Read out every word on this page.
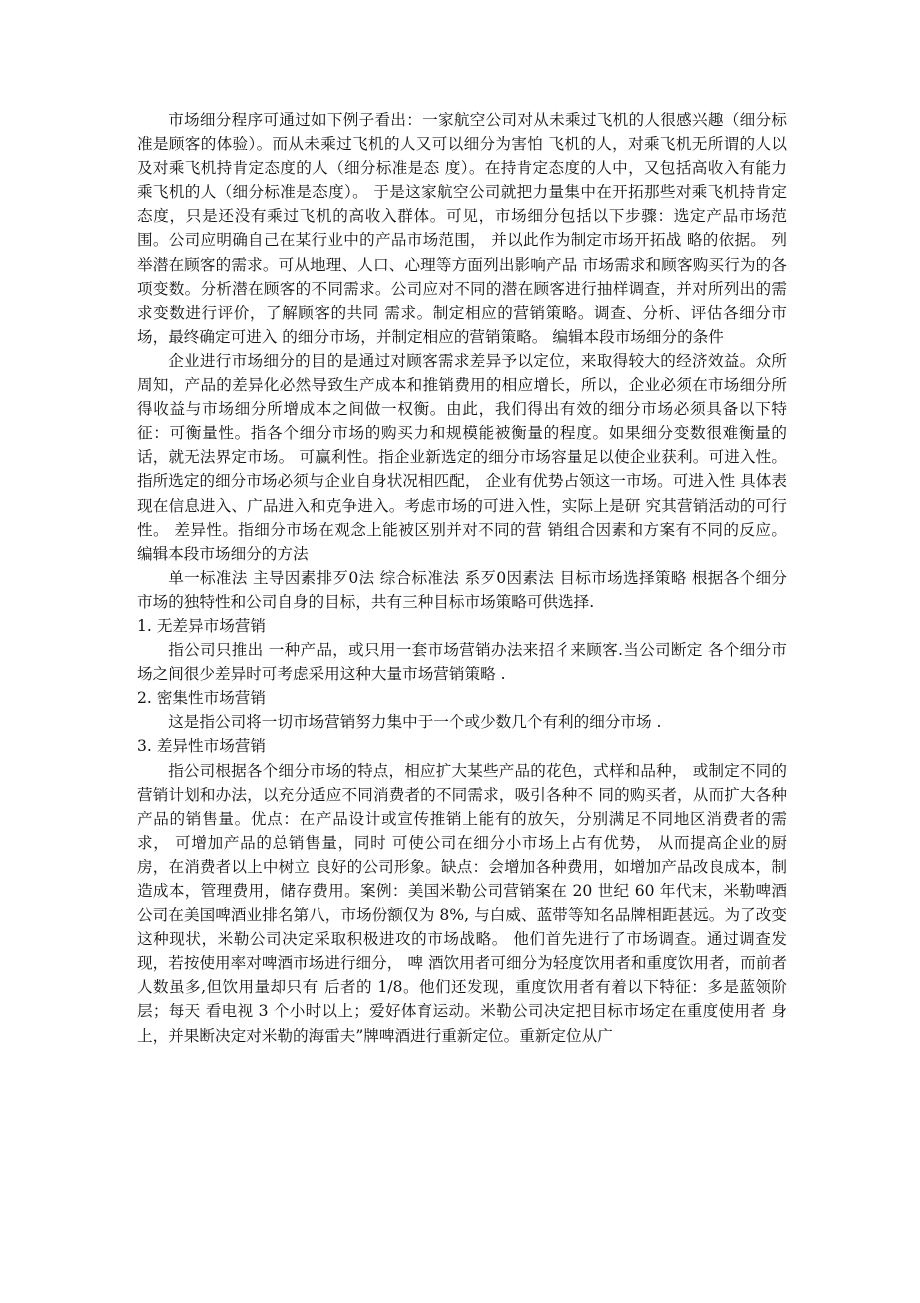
市场细分程序可通过如下例子看出：一家航空公司对从未乘过飞机的人很感兴趣（细分标准是顾客的体验）。而从未乘过飞机的人又可以细分为害怕 飞机的人，对乘飞机无所谓的人以及对乘飞机持肯定态度的人（细分标准是态 度）。在持肯定态度的人中，又包括高收入有能力乘飞机的人（细分标准是态度）。 于是这家航空公司就把力量集中在开拓那些对乘飞机持肯定态度，只是还没有乘过飞机的高收入群体。可见，市场细分包括以下步骤：选定产品市场范围。公司应明确自己在某行业中的产品市场范围， 并以此作为制定市场开拓战 略的依据。 列举潜在顾客的需求。可从地理、人口、心理等方面列出影响产品 市场需求和顾客购买行为的各项变数。分析潜在顾客的不同需求。公司应对不同的潜在顾客进行抽样调查，并对所列出的需求变数进行评价，了解顾客的共同 需求。制定相应的营销策略。调查、分析、评估各细分市场，最终确定可进入 的细分市场，并制定相应的营销策略。 编辑本段市场细分的条件

企业进行市场细分的目的是通过对顾客需求差异予以定位，来取得较大的经济效益。众所周知，产品的差异化必然导致生产成本和推销费用的相应增长，所以，企业必须在市场细分所得收益与市场细分所增成本之间做一权衡。由此，我们得出有效的细分市场必须具备以下特征：可衡量性。指各个细分市场的购买力和规模能被衡量的程度。如果细分变数很难衡量的话，就无法界定市场。 可赢利性。指企业新选定的细分市场容量足以使企业获利。可进入性。指所选定的细分市场必须与企业自身状况相匹配， 企业有优势占领这一市场。可进入性 具体表现在信息进入、广品进入和克争进入。考虑市场的可进入性，实际上是研 究其营销活动的可行性。 差异性。指细分市场在观念上能被区别并对不同的营 销组合因素和方案有不同的反应。 编辑本段市场细分的方法

单一标准法 主导因素排歹0法 综合标准法 系歹0因素法 目标市场选择策略 根据各个细分市场的独特性和公司自身的目标，共有三种目标市场策略可供选择.

1. 无差异市场营销

指公司只推出 一种产品，或只用一套市场营销办法来招彳来顾客.当公司断定 各个细分市场之间很少差异时可考虑采用这种大量市场营销策略 .

2. 密集性市场营销

这是指公司将一切市场营销努力集中于一个或少数几个有利的细分市场 .

3. 差异性市场营销

指公司根据各个细分市场的特点，相应扩大某些产品的花色，式样和品种， 或制定不同的营销计划和办法，以充分适应不同消费者的不同需求，吸引各种不 同的购买者，从而扩大各种产品的销售量。优点：在产品设计或宣传推销上能有的放矢，分别满足不同地区消费者的需求， 可增加产品的总销售量，同时 可使公司在细分小市场上占有优势， 从而提高企业的厨房，在消费者以上中树立 良好的公司形象。缺点：会增加各种费用，如增加产品改良成本，制造成本，管理费用，储存费用。案例：美国米勒公司营销案在 20 世纪 60 年代末，米勒啤酒公司在美国啤酒业排名第八，市场份额仅为 8%, 与白威、蓝带等知名品牌相距甚远。为了改变这种现状，米勒公司决定采取积极进攻的市场战略。 他们首先进行了市场调查。通过调查发现，若按使用率对啤酒市场进行细分， 啤 酒饮用者可细分为轻度饮用者和重度饮用者，而前者人数虽多,但饮用量却只有 后者的 1/8。他们还发现，重度饮用者有着以下特征：多是蓝领阶层；每天 看电视 3 个小时以上；爱好体育运动。米勒公司决定把目标市场定在重度使用者 身上，并果断决定对米勒的海雷夫”牌啤酒进行重新定位。重新定位从广
